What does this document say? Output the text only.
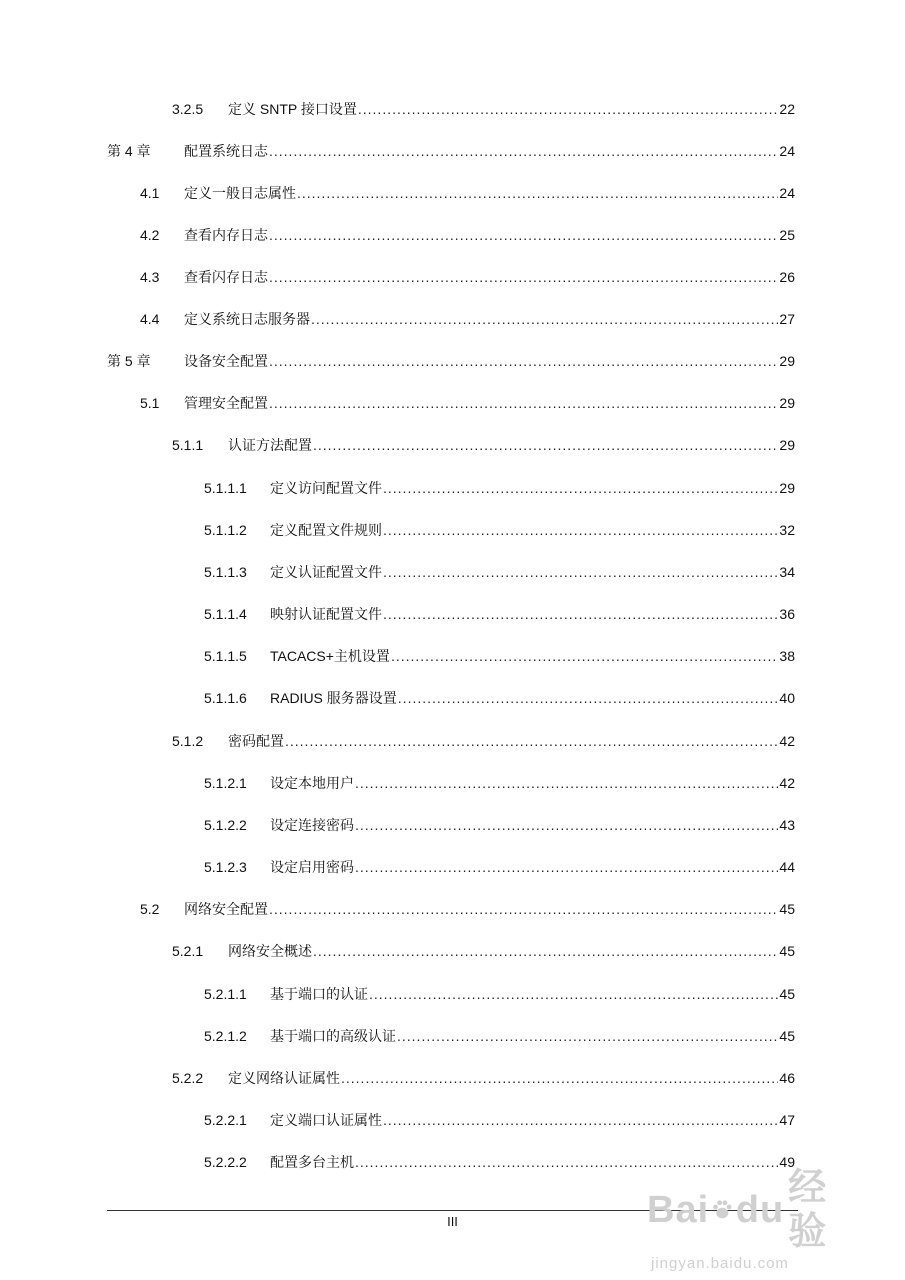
3.2.5	定义 SNTP 接口设置 .....	22
第 4 章	配置系统日志 .....	24
4.1	定义一般日志属性 .....	24
4.2	查看内存日志 .....	25
4.3	查看闪存日志 .....	26
4.4	定义系统日志服务器 .....	27
第 5 章	设备安全配置 .....	29
5.1	管理安全配置 .....	29
5.1.1	认证方法配置 .....	29
5.1.1.1	定义访问配置文件 .....	29
5.1.1.2	定义配置文件规则 .....	32
5.1.1.3	定义认证配置文件 .....	34
5.1.1.4	映射认证配置文件 .....	36
5.1.1.5	TACACS+主机设置 .....	38
5.1.1.6	RADIUS 服务器设置 .....	40
5.1.2	密码配置 .....	42
5.1.2.1	设定本地用户 .....	42
5.1.2.2	设定连接密码 .....	43
5.1.2.3	设定启用密码 .....	44
5.2	网络安全配置 .....	45
5.2.1	网络安全概述 .....	45
5.2.1.1	基于端口的认证 .....	45
5.2.1.2	基于端口的高级认证 .....	45
5.2.2	定义网络认证属性 .....	46
5.2.2.1	定义端口认证属性 .....	47
5.2.2.2	配置多台主机 .....	49
III	Bai du
经验
jingyan.baidu.com
